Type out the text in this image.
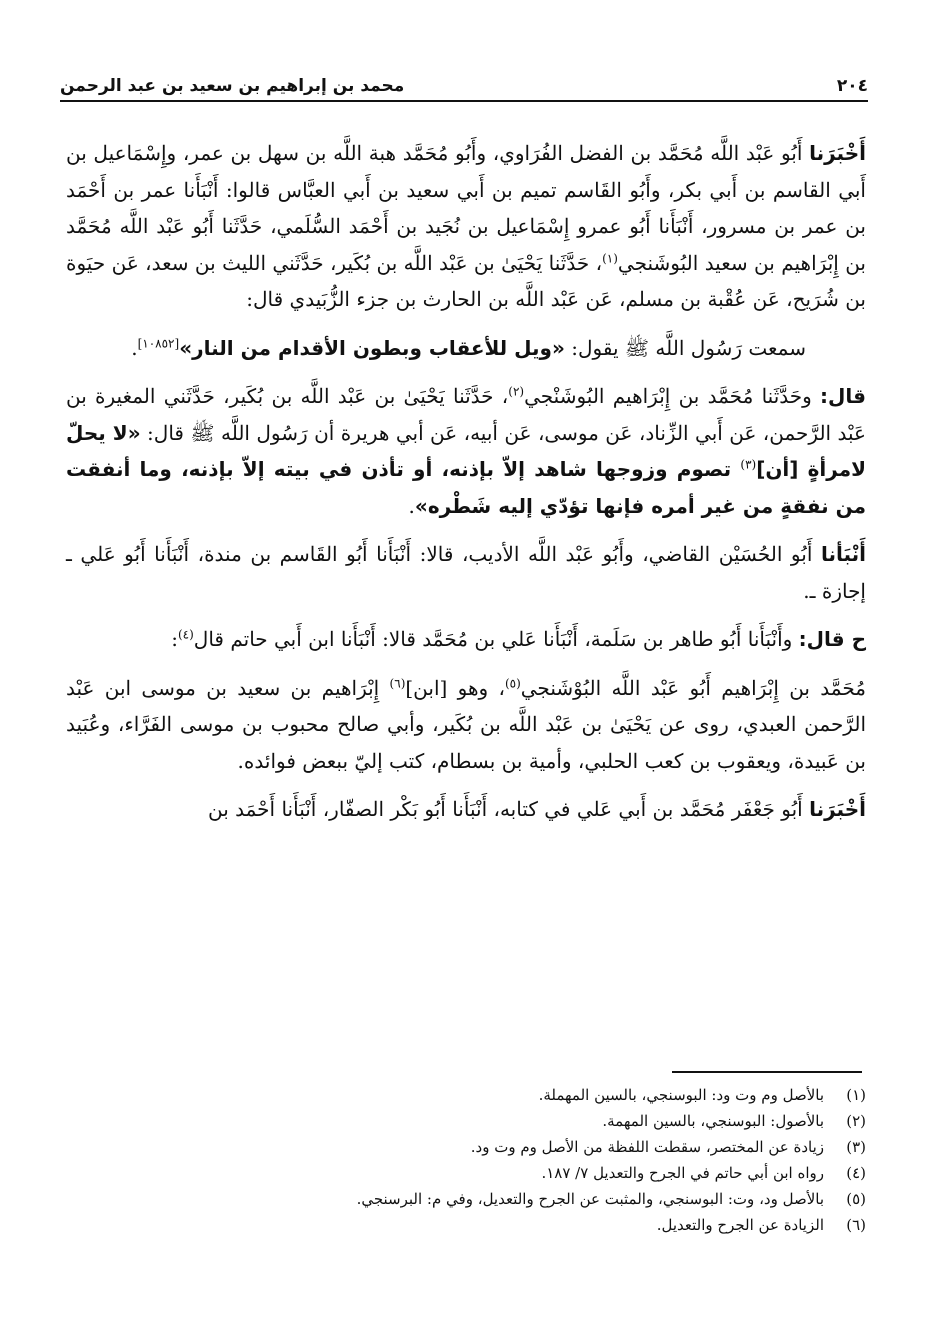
٢٠٤
محمد بن إبراهيم بن سعيد بن عبد الرحمن

أَخْبَرَنا أَبُو عَبْد اللَّه مُحَمَّد بن الفضل الفُرَاوي، وأَبُو مُحَمَّد هبة اللَّه بن سهل بن عمر، وإِسْمَاعيل بن أَبي القاسم بن أَبي بكر، وأَبُو القَاسم تميم بن أَبي سعيد بن أَبي العبَّاس قالوا: أَنْبَأَنا عمر بن أَحْمَد بن عمر بن مسرور، أَنْبَأَنا أَبُو عمرو إِسْمَاعيل بن نُجَيد بن أَحْمَد السُّلَمي، حَدَّثَنا أَبُو عَبْد اللَّه مُحَمَّد بن إِبْرَاهيم بن سعيد البُوشَنجي$^{(١)}$، حَدَّثَنا يَحْيَىٰ بن عَبْد اللَّه بن بُكَير، حَدَّثَني الليث بن سعد، عَن حيَوة بن شُرَيح، عَن عُقْبة بن مسلم، عَن عَبْد اللَّه بن الحارث بن جزء الزُّبَيدي قال:

سمعت رَسُول اللَّه ﷺ يقول: «ويل للأعقاب وبطون الأقدام من النار»[١٠٨٥٢].

قال: وحَدَّثَنا مُحَمَّد بن إِبْرَاهيم البُوشَنْجي$^{(٢)}$، حَدَّثَنا يَحْيَىٰ بن عَبْد اللَّه بن بُكَير، حَدَّثَني المغيرة بن عَبْد الرَّحمن، عَن أَبي الزِّناد، عَن موسى، عَن أبيه، عَن أبي هريرة أن رَسُول اللَّه ﷺ قال: «لا يحلّ لامرأةٍ [أن]$^{(٣)}$ تصوم وزوجها شاهد إلاّ بإذنه، أو تأذن في بيته إلاّ بإذنه، وما أنفقت من نفقةٍ من غير أمره فإنها تؤدّي إليه شَطْره».

أَنْبَأنا أَبُو الحُسَيْن القاضي، وأَبُو عَبْد اللَّه الأديب، قالا: أَنْبَأَنا أَبُو القَاسم بن مندة، أَنْبَأَنا أَبُو عَلي ـ إجازة ـ.

ح قال: وأَنْبَأَنا أَبُو طاهر بن سَلَمة، أَنْبَأَنا عَلي بن مُحَمَّد قالا: أَنْبَأَنا ابن أَبي حاتم قال$^{(٤)}$:

مُحَمَّد بن إِبْرَاهيم أَبُو عَبْد اللَّه البُوْشَنجي$^{(٥)}$، وهو [ابن]$^{(٦)}$ إِبْرَاهيم بن سعيد بن موسى ابن عَبْد الرَّحمن العبدي، روى عن يَحْيَىٰ بن عَبْد اللَّه بن بُكَير، وأبي صالح محبوب بن موسى الفَرَّاء، وعُبَيد بن عَبيدة، ويعقوب بن كعب الحلبي، وأمية بن بسطام، كتب إليّ ببعض فوائده.

أَخْبَرَنا أَبُو جَعْفَر مُحَمَّد بن أَبي عَلي في كتابه، أَنْبَأَنا أَبُو بَكْر الصفّار، أَنْبَأَنا أَحْمَد بن

(١)
بالأصل وم وت ود: البوسنجي، بالسين المهملة.
(٢)
بالأصول: البوسنجي، بالسين المهمة.
(٣)
زيادة عن المختصر، سقطت اللفظة من الأصل وم وت ود.
(٤)
رواه ابن أبي حاتم في الجرح والتعديل ٧/ ١٨٧.
(٥)
بالأصل ود، وت: البوسنجي، والمثبت عن الجرح والتعديل، وفي م: البرسنجي.
(٦)
الزيادة عن الجرح والتعديل.
